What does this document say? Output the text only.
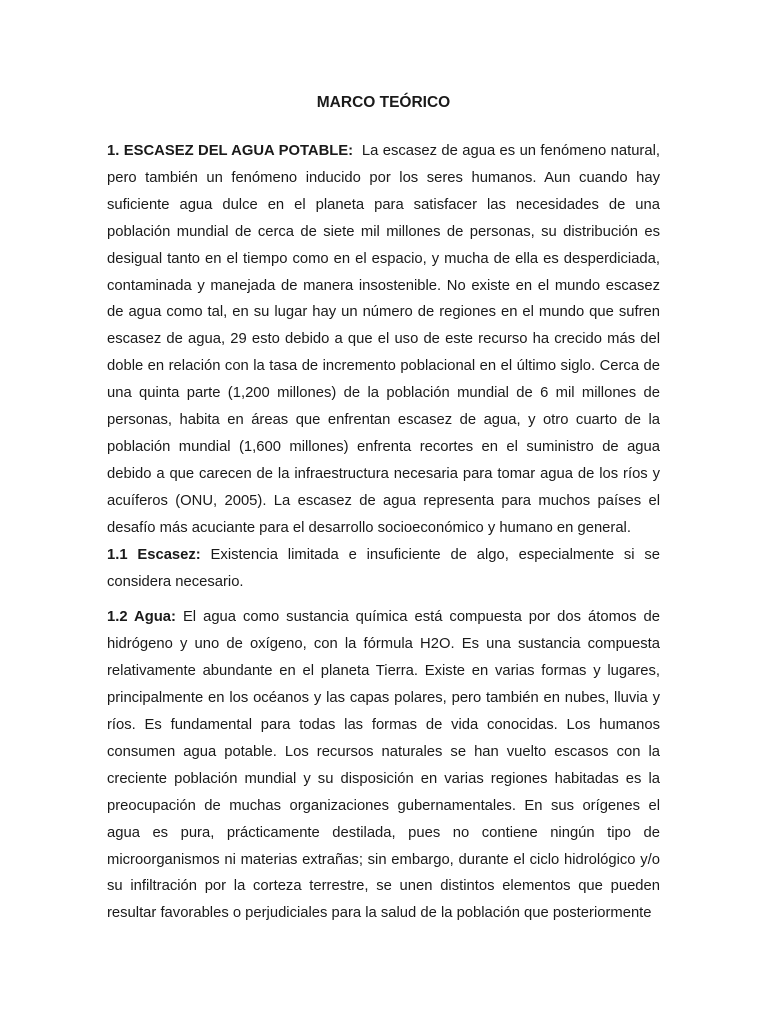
MARCO TEÓRICO

1. ESCASEZ DEL AGUA POTABLE: La escasez de agua es un fenómeno natural, pero también un fenómeno inducido por los seres humanos. Aun cuando hay suficiente agua dulce en el planeta para satisfacer las necesidades de una población mundial de cerca de siete mil millones de personas, su distribución es desigual tanto en el tiempo como en el espacio, y mucha de ella es desperdiciada, contaminada y manejada de manera insostenible. No existe en el mundo escasez de agua como tal, en su lugar hay un número de regiones en el mundo que sufren escasez de agua, 29 esto debido a que el uso de este recurso ha crecido más del doble en relación con la tasa de incremento poblacional en el último siglo. Cerca de una quinta parte (1,200 millones) de la población mundial de 6 mil millones de personas, habita en áreas que enfrentan escasez de agua, y otro cuarto de la población mundial (1,600 millones) enfrenta recortes en el suministro de agua debido a que carecen de la infraestructura necesaria para tomar agua de los ríos y acuíferos (ONU, 2005). La escasez de agua representa para muchos países el desafío más acuciante para el desarrollo socioeconómico y humano en general.

1.1 Escasez: Existencia limitada e insuficiente de algo, especialmente si se considera necesario.

1.2 Agua: El agua como sustancia química está compuesta por dos átomos de hidrógeno y uno de oxígeno, con la fórmula H2O. Es una sustancia compuesta relativamente abundante en el planeta Tierra. Existe en varias formas y lugares, principalmente en los océanos y las capas polares, pero también en nubes, lluvia y ríos. Es fundamental para todas las formas de vida conocidas. Los humanos consumen agua potable. Los recursos naturales se han vuelto escasos con la creciente población mundial y su disposición en varias regiones habitadas es la preocupación de muchas organizaciones gubernamentales. En sus orígenes el agua es pura, prácticamente destilada, pues no contiene ningún tipo de microorganismos ni materias extrañas; sin embargo, durante el ciclo hidrológico y/o su infiltración por la corteza terrestre, se unen distintos elementos que pueden resultar favorables o perjudiciales para la salud de la población que posteriormente
